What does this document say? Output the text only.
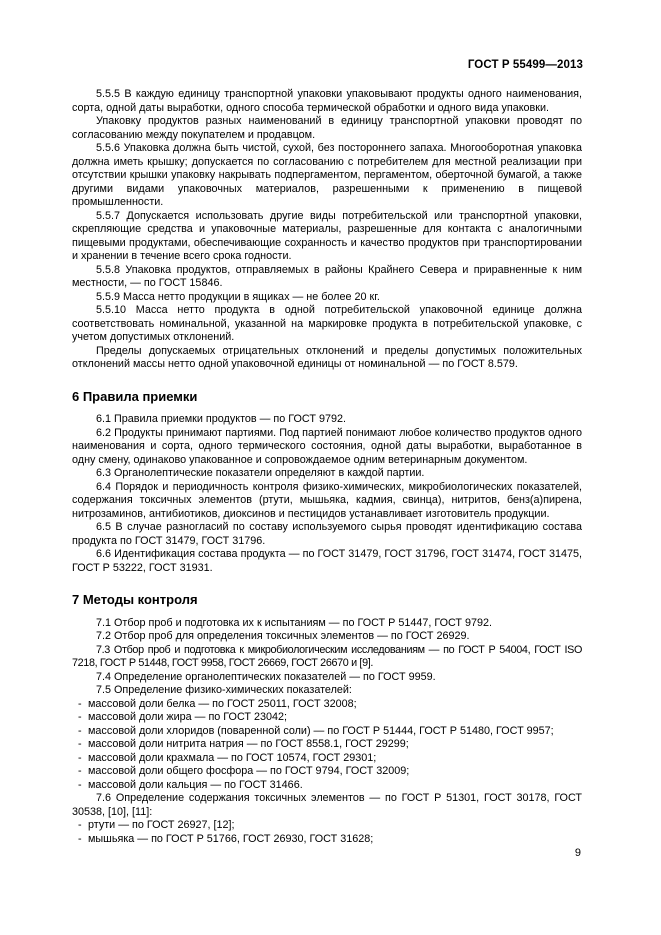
ГОСТ Р 55499—2013

5.5.5 В каждую единицу транспортной упаковки упаковывают продукты одного наименования, сорта, одной даты выработки, одного способа термической обработки и одного вида упаковки.

Упаковку продуктов разных наименований в единицу транспортной упаковки проводят по согласованию между покупателем и продавцом.

5.5.6 Упаковка должна быть чистой, сухой, без постороннего запаха. Многооборотная упаковка должна иметь крышку; допускается по согласованию с потребителем для местной реализации при отсутствии крышки упаковку накрывать подпергаментом, пергаментом, оберточной бумагой, а также другими видами упаковочных материалов, разрешенными к применению в пищевой промышленности.

5.5.7 Допускается использовать другие виды потребительской или транспортной упаковки, скрепляющие средства и упаковочные материалы, разрешенные для контакта с аналогичными пищевыми продуктами, обеспечивающие сохранность и качество продуктов при транспортировании и хранении в течение всего срока годности.

5.5.8 Упаковка продуктов, отправляемых в районы Крайнего Севера и приравненные к ним местности, — по ГОСТ 15846.

5.5.9 Масса нетто продукции в ящиках — не более 20 кг.

5.5.10 Масса нетто продукта в одной потребительской упаковочной единице должна соответствовать номинальной, указанной на маркировке продукта в потребительской упаковке, с учетом допустимых отклонений.

Пределы допускаемых отрицательных отклонений и пределы допустимых положительных отклонений массы нетто одной упаковочной единицы от номинальной — по ГОСТ 8.579.

6 Правила приемки

6.1 Правила приемки продуктов — по ГОСТ 9792.

6.2 Продукты принимают партиями. Под партией понимают любое количество продуктов одного наименования и сорта, одного термического состояния, одной даты выработки, выработанное в одну смену, одинаково упакованное и сопровождаемое одним ветеринарным документом.

6.3 Органолептические показатели определяют в каждой партии.

6.4 Порядок и периодичность контроля физико-химических, микробиологических показателей, содержания токсичных элементов (ртути, мышьяка, кадмия, свинца), нитритов, бенз(а)пирена, нитрозаминов, антибиотиков, диоксинов и пестицидов устанавливает изготовитель продукции.

6.5 В случае разногласий по составу используемого сырья проводят идентификацию состава продукта по ГОСТ 31479, ГОСТ 31796.

6.6 Идентификация состава продукта — по ГОСТ 31479, ГОСТ 31796, ГОСТ 31474, ГОСТ 31475, ГОСТ Р 53222, ГОСТ 31931.

7 Методы контроля

7.1 Отбор проб и подготовка их к испытаниям — по ГОСТ Р 51447, ГОСТ 9792.

7.2 Отбор проб для определения токсичных элементов — по ГОСТ 26929.

7.3 Отбор проб и подготовка к микробиологическим исследованиям — по ГОСТ Р 54004, ГОСТ ISO 7218, ГОСТ Р 51448, ГОСТ 9958, ГОСТ 26669, ГОСТ 26670 и [9].

7.4 Определение органолептических показателей — по ГОСТ 9959.

7.5 Определение физико-химических показателей:

- массовой доли белка — по ГОСТ 25011, ГОСТ 32008;
- массовой доли жира — по ГОСТ 23042;
- массовой доли хлоридов (поваренной соли) — по ГОСТ Р 51444, ГОСТ Р 51480, ГОСТ 9957;
- массовой доли нитрита натрия — по ГОСТ 8558.1, ГОСТ 29299;
- массовой доли крахмала — по ГОСТ 10574, ГОСТ 29301;
- массовой доли общего фосфора — по ГОСТ 9794, ГОСТ 32009;
- массовой доли кальция — по ГОСТ 31466.

7.6 Определение содержания токсичных элементов — по ГОСТ Р 51301, ГОСТ 30178, ГОСТ 30538, [10], [11]:

- ртути — по ГОСТ 26927, [12];
- мышьяка — по ГОСТ Р 51766, ГОСТ 26930, ГОСТ 31628;
9
